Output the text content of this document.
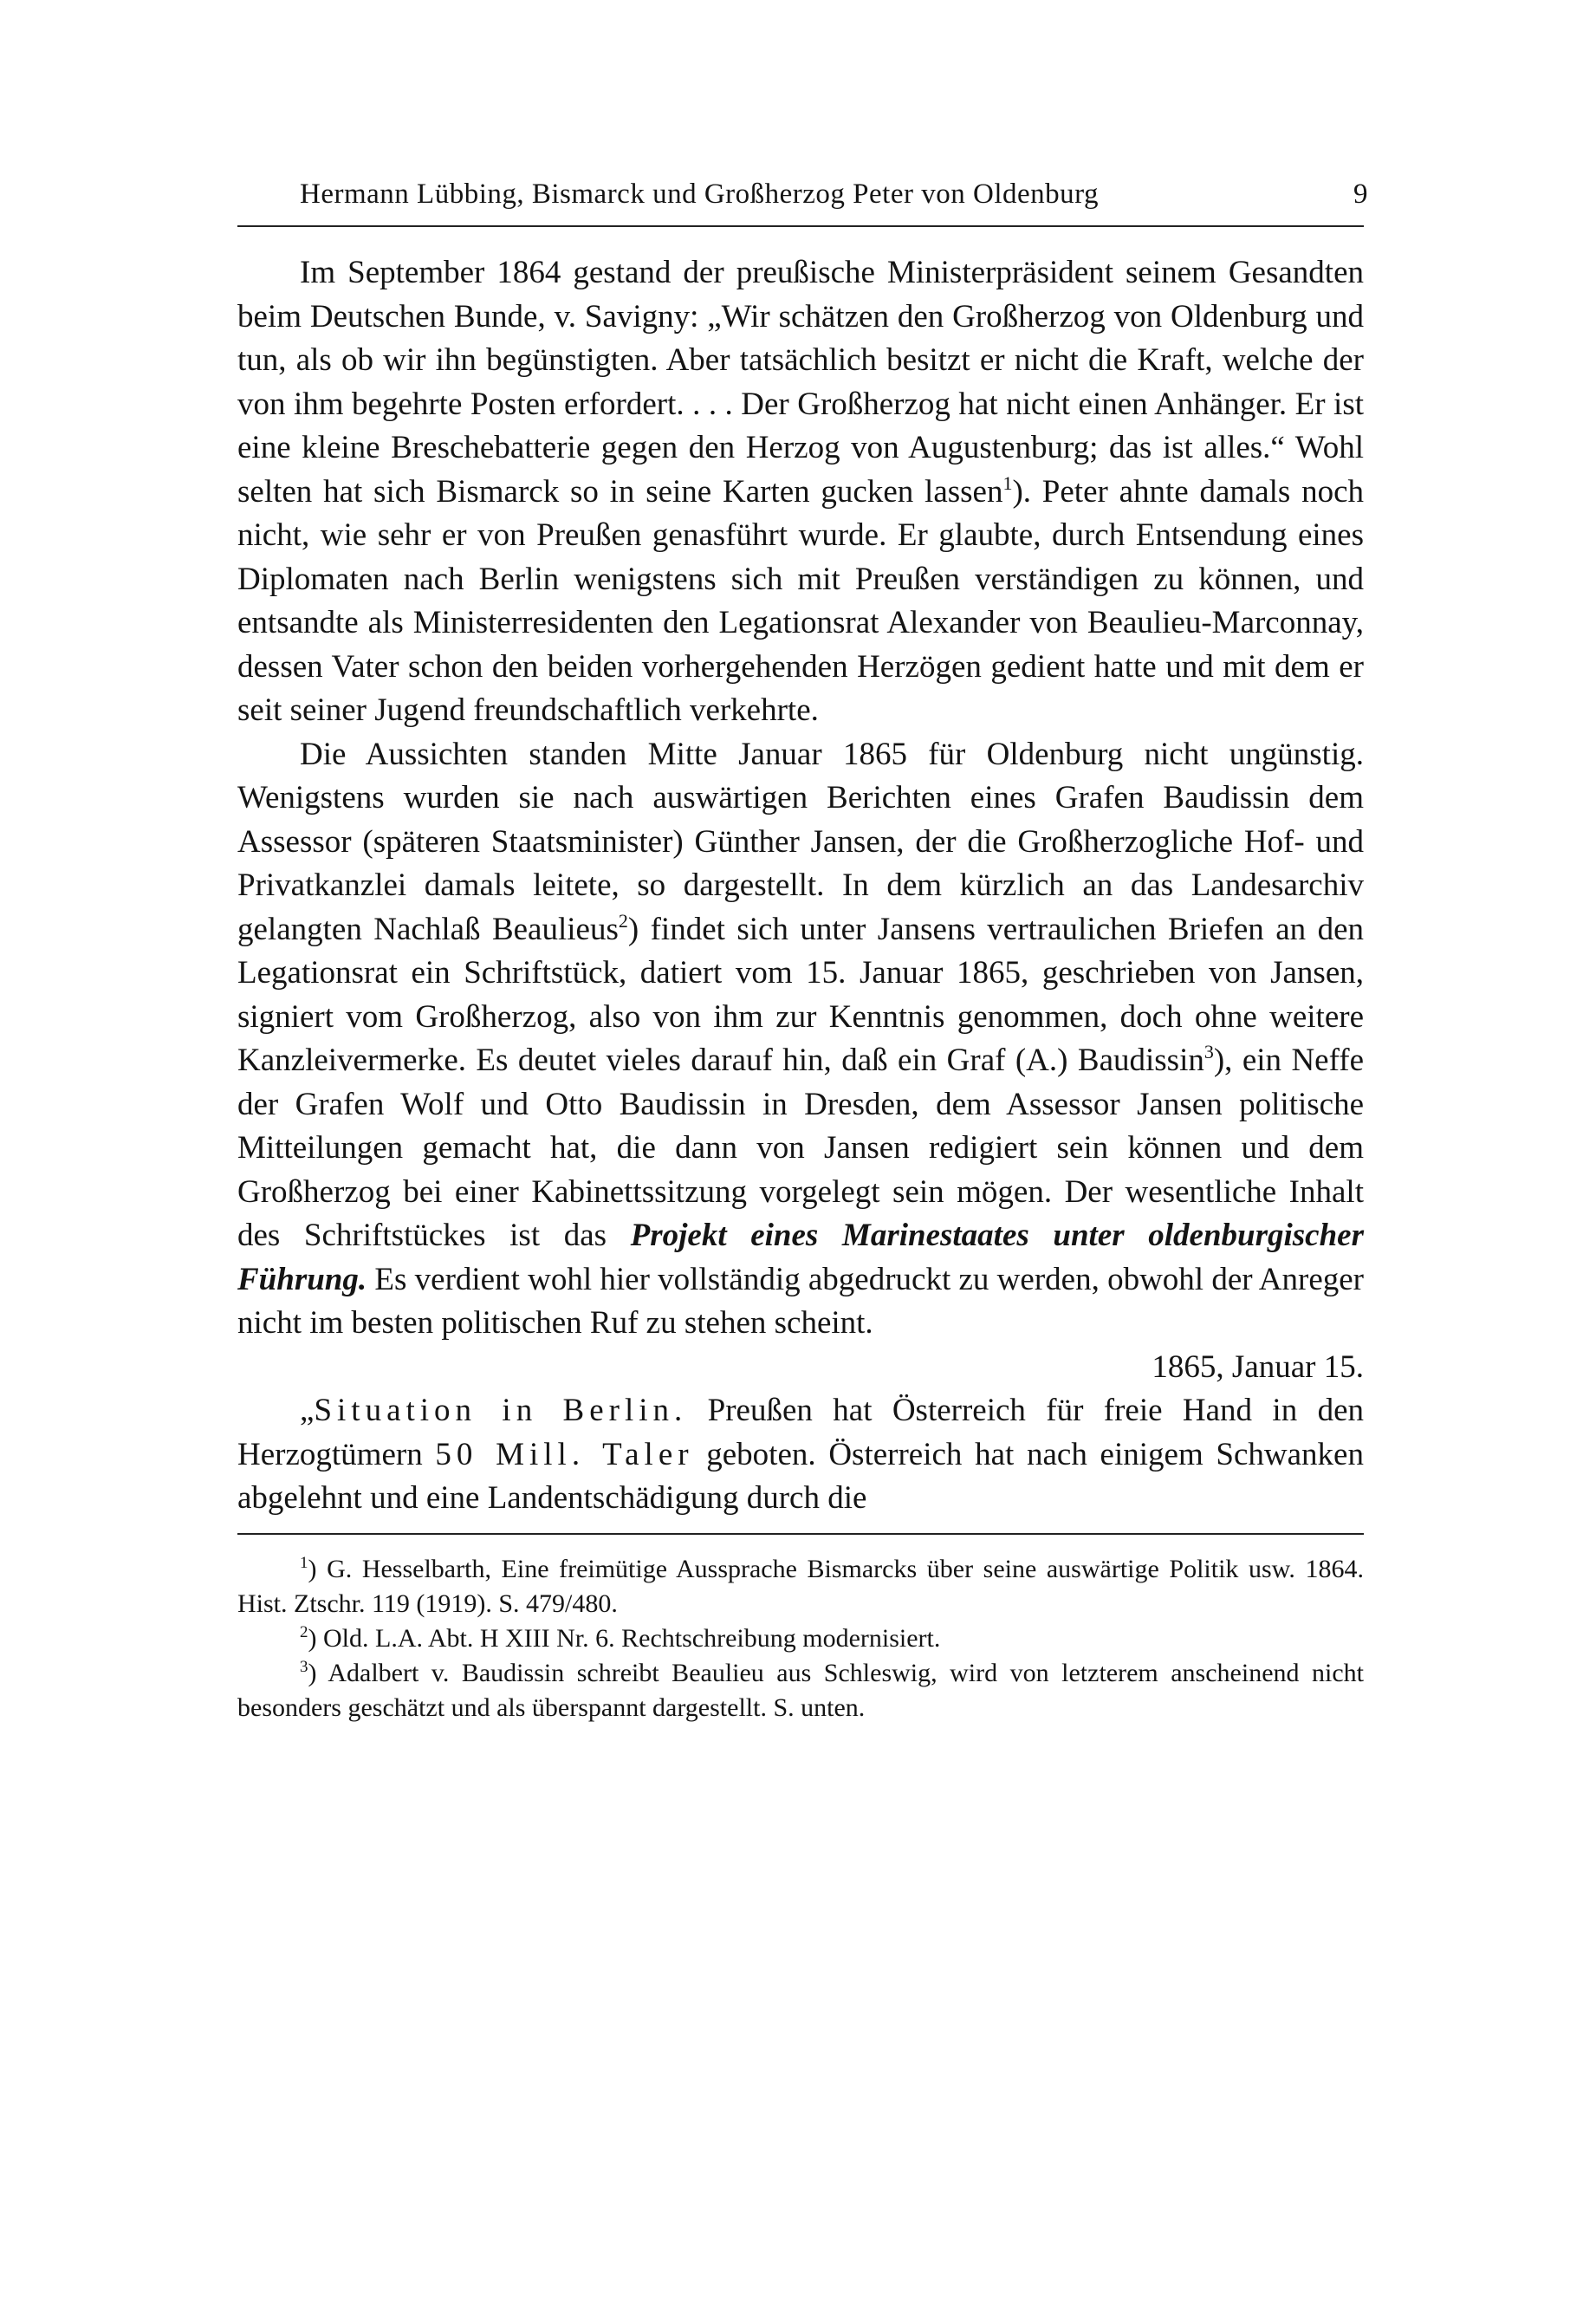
Hermann Lübbing, Bismarck und Großherzog Peter von Oldenburg	9

Im September 1864 gestand der preußische Ministerpräsident seinem Gesandten beim Deutschen Bunde, v. Savigny: „Wir schätzen den Großherzog von Oldenburg und tun, als ob wir ihn begünstigten. Aber tatsächlich besitzt er nicht die Kraft, welche der von ihm begehrte Posten erfordert. . . . Der Großherzog hat nicht einen Anhänger. Er ist eine kleine Breschebatterie gegen den Herzog von Augustenburg; das ist alles.“ Wohl selten hat sich Bismarck so in seine Karten gucken lassen$^1$). Peter ahnte damals noch nicht, wie sehr er von Preußen genasführt wurde. Er glaubte, durch Entsendung eines Diplomaten nach Berlin wenigstens sich mit Preußen verständigen zu können, und entsandte als Ministerresidenten den Legationsrat Alexander von Beaulieu-Marconnay, dessen Vater schon den beiden vorhergehenden Herzögen gedient hatte und mit dem er seit seiner Jugend freundschaftlich verkehrte.

Die Aussichten standen Mitte Januar 1865 für Oldenburg nicht ungünstig. Wenigstens wurden sie nach auswärtigen Berichten eines Grafen Baudissin dem Assessor (späteren Staatsminister) Günther Jansen, der die Großherzogliche Hof- und Privatkanzlei damals leitete, so dargestellt. In dem kürzlich an das Landesarchiv gelangten Nachlaß Beaulieus$^2$) findet sich unter Jansens vertraulichen Briefen an den Legationsrat ein Schriftstück, datiert vom 15. Januar 1865, geschrieben von Jansen, signiert vom Großherzog, also von ihm zur Kenntnis genommen, doch ohne weitere Kanzleivermerke. Es deutet vieles darauf hin, daß ein Graf (A.) Baudissin$^3$), ein Neffe der Grafen Wolf und Otto Baudissin in Dresden, dem Assessor Jansen politische Mitteilungen gemacht hat, die dann von Jansen redigiert sein können und dem Großherzog bei einer Kabinettssitzung vorgelegt sein mögen. Der wesentliche Inhalt des Schriftstückes ist das Projekt eines Marinestaates unter oldenburgischer Führung. Es verdient wohl hier vollständig abgedruckt zu werden, obwohl der Anreger nicht im besten politischen Ruf zu stehen scheint.

1865, Januar 15.

„Situation in Berlin. Preußen hat Österreich für freie Hand in den Herzogtümern 50 Mill. Taler geboten. Österreich hat nach einigem Schwanken abgelehnt und eine Landentschädigung durch die

$^1$) G. Hesselbarth, Eine freimütige Aussprache Bismarcks über seine auswärtige Politik usw. 1864. Hist. Ztschr. 119 (1919). S. 479/480.

$^2$) Old. L.A. Abt. H XIII Nr. 6. Rechtschreibung modernisiert.

$^3$) Adalbert v. Baudissin schreibt Beaulieu aus Schleswig, wird von letzterem anscheinend nicht besonders geschätzt und als überspannt dargestellt. S. unten.
